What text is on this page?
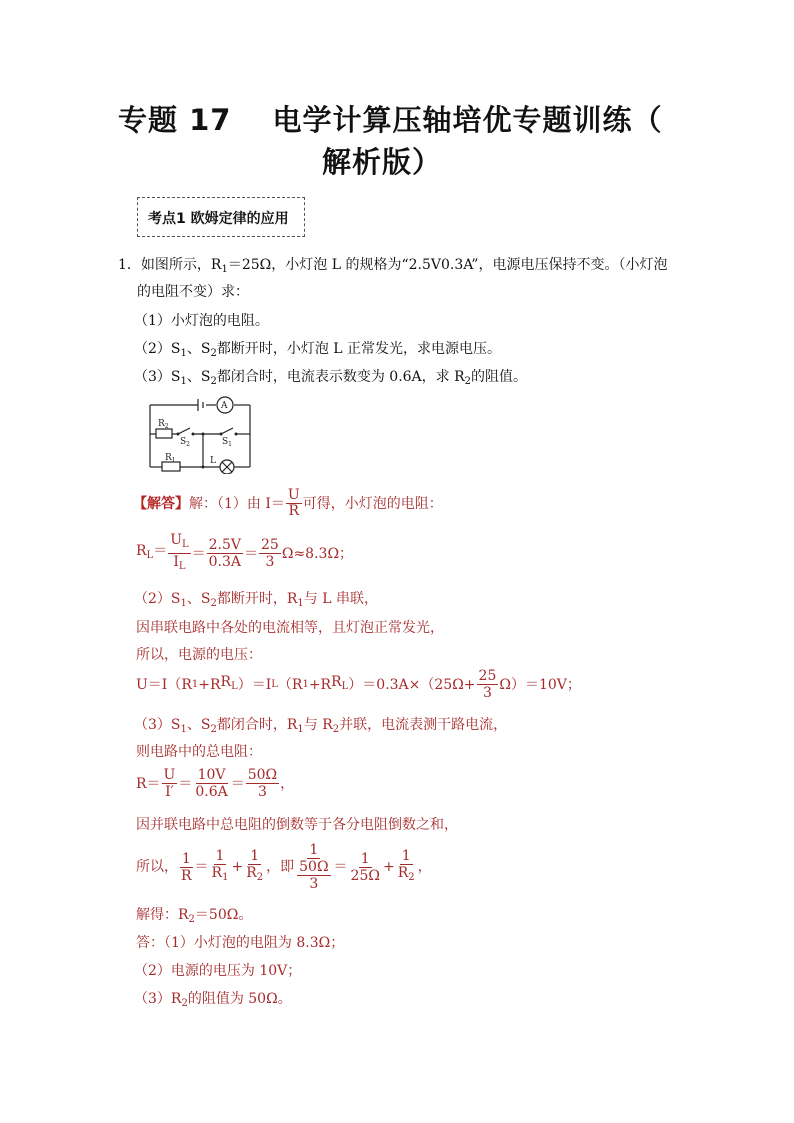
专题 17　 电学计算压轴培优专题训练（
解析版）
考点1 欧姆定律的应用
1．如图所示，$R_1=25\Omega$，小灯泡 L 的规格为“2.5V0.3A”，电源电压保持不变。（小灯泡
的电阻不变）求：
（1）小灯泡的电阻。
$(2)S_1$、$S_2$都断开时，小灯泡 L 正常发光，求电源电压。
$(3)S_1$、$S_2$都闭合时，电流表示数变为 0.6A，求 $R_2$的阻值。
$R_2$
$S_2$	$S_1$
$R_1$	L
A
【解答】 解：（1）由 $I= \frac{U}{R}$ 可得，小灯泡的电阻：
$R_L= \frac{U_L}{I_L} = \frac{2.5V}{0.3A} = \frac{25}{3} \Omega\approx 8.3\Omega$；
$(2)S_1$、$S_2$都断开时，$R_1$与 L 串联，
因串联电路中各处的电流相等，且灯泡正常发光，
所以，电源的电压：
U＝I（R 1 +R $R_L$ ）＝I L （R 1 +R $R_L$ ）$=0.3A\times(25\Omega+ \frac{25}{3} \Omega)=10V$；
$(3)S_1$、$S_2$都闭合时，$R_1$与 $R_2$并联，电流表测干路电流，
则电路中的总电阻：
$R= \frac{U}{I'} = \frac{10V}{0.6A} = \frac{50\Omega}{3}$ ，
因并联电路中总电阻的倒数等于各分电阻倒数之和，
所以， $\frac{1}{R} = \frac{1}{R_1} + \frac{1}{R_2}$ ，即 $\frac{1}{\frac{50\Omega}{3}} = \frac{1}{25\Omega} + \frac{1}{R_2}$ ，
解得：$R_2=50\Omega$。
答：（1）小灯泡的电阻为 8.3Ω；
（2）电源的电压为 10V；
$(3)R_2$的阻值为 50Ω。
